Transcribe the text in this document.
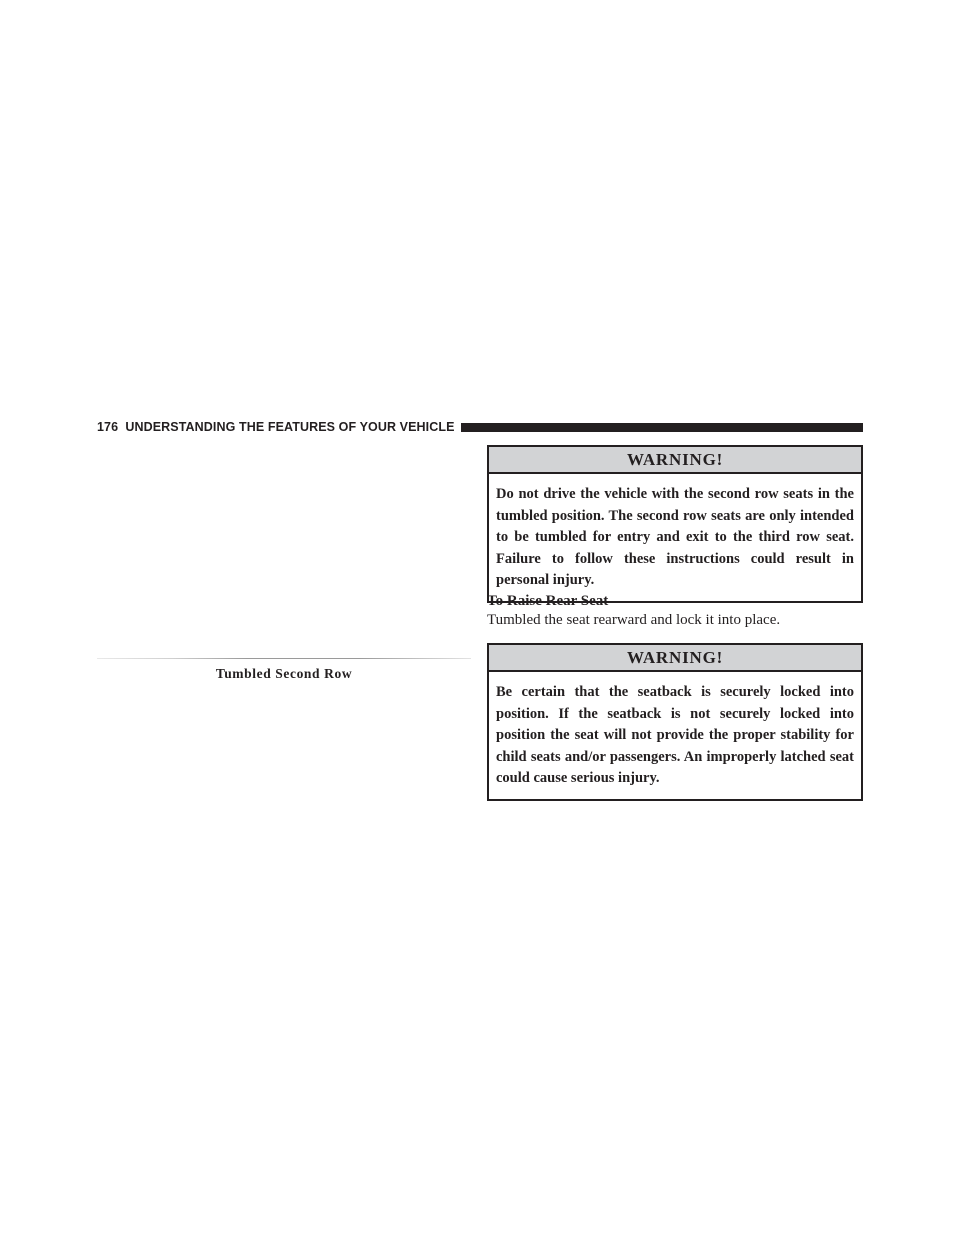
176 UNDERSTANDING THE FEATURES OF YOUR VEHICLE
Tumbled Second Row
WARNING!
Do not drive the vehicle with the second row seats in the tumbled position. The second row seats are only intended to be tumbled for entry and exit to the third row seat. Failure to follow these instructions could result in personal injury.
To Raise Rear Seat
Tumbled the seat rearward and lock it into place.
WARNING!
Be certain that the seatback is securely locked into position. If the seatback is not securely locked into position the seat will not provide the proper stability for child seats and/or passengers. An improperly latched seat could cause serious injury.
